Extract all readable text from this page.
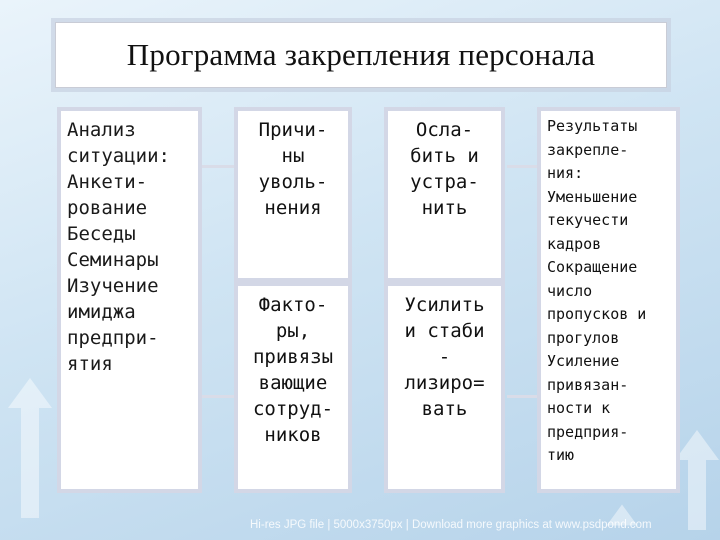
Программа закрепления персонала
Анализ
ситуации:
Анкети-
рование
Беседы
Семинары
Изучение
имиджа
предпри-
ятия
Причи-
ны
уволь-
нения
Осла-
бить и
устра-
нить
Факто-
ры,
привязы
вающие
сотруд-
ников
Усилить
и стаби
-
лизиро=
вать
Результаты
закрепле-
ния:
Уменьшение
текучести
кадров
Сокращение
число
пропусков и
прогулов
Усиление
привязан-
ности к
предприя-
тию
Hi-res JPG file | 5000x3750px | Download more graphics at www.psdpond.com
